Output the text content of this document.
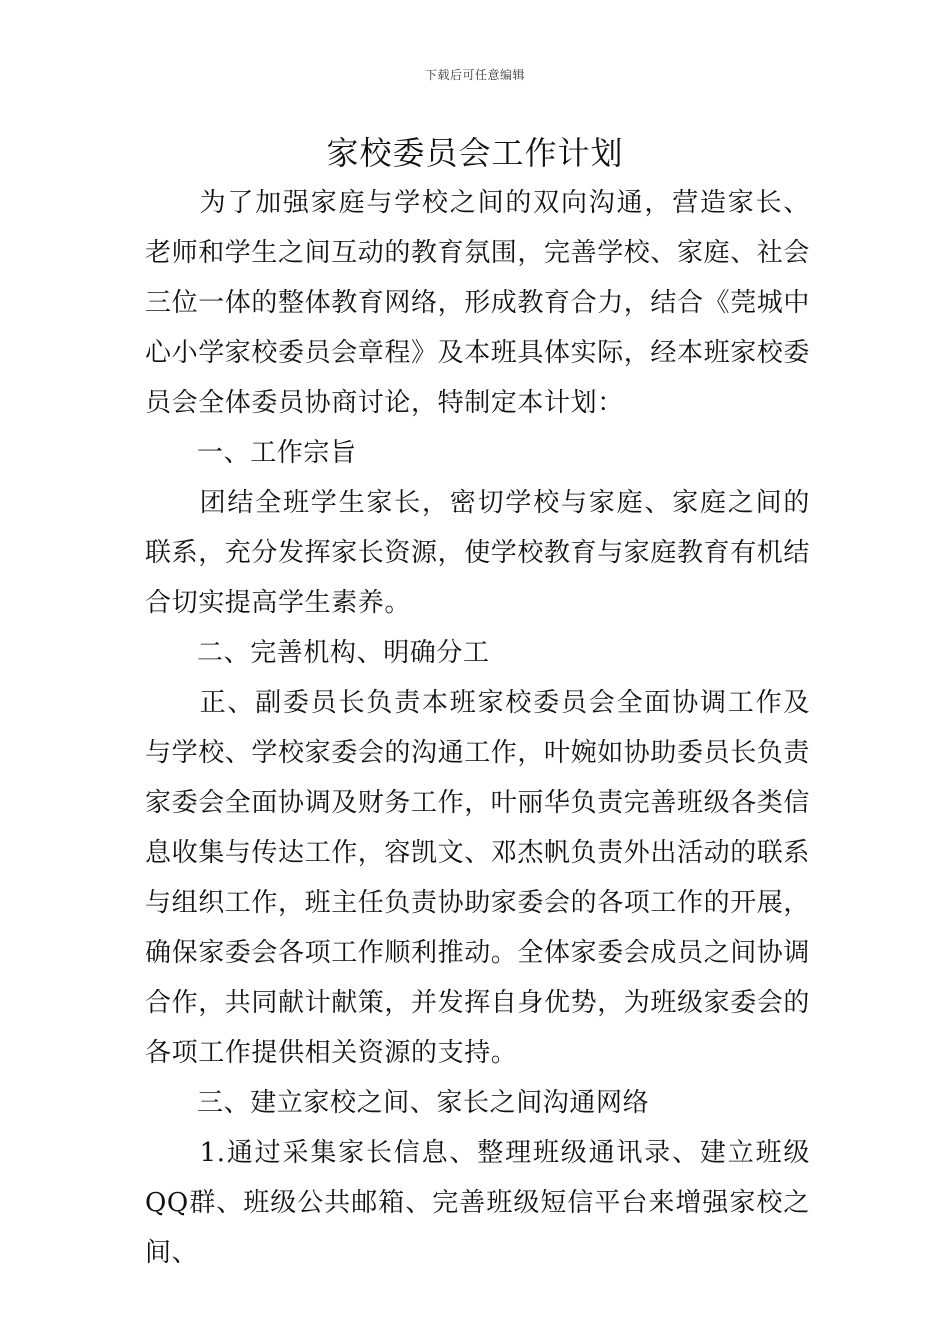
下载后可任意编辑
家校委员会工作计划

为了加强家庭与学校之间的双向沟通，营造家长、老师和学生之间互动的教育氛围，完善学校、家庭、社会三位一体的整体教育网络，形成教育合力，结合《莞城中心小学家校委员会章程》及本班具体实际，经本班家校委员会全体委员协商讨论，特制定本计划：

一、工作宗旨

团结全班学生家长，密切学校与家庭、家庭之间的联系，充分发挥家长资源，使学校教育与家庭教育有机结合切实提高学生素养。

二、完善机构、明确分工

正、副委员长负责本班家校委员会全面协调工作及与学校、学校家委会的沟通工作，叶婉如协助委员长负责家委会全面协调及财务工作，叶丽华负责完善班级各类信息收集与传达工作，容凯文、邓杰帆负责外出活动的联系与组织工作，班主任负责协助家委会的各项工作的开展，确保家委会各项工作顺利推动。全体家委会成员之间协调合作，共同献计献策，并发挥自身优势，为班级家委会的各项工作提供相关资源的支持。

三、建立家校之间、家长之间沟通网络

1.通过采集家长信息、整理班级通讯录、建立班级QQ群、班级公共邮箱、完善班级短信平台来增强家校之间、
